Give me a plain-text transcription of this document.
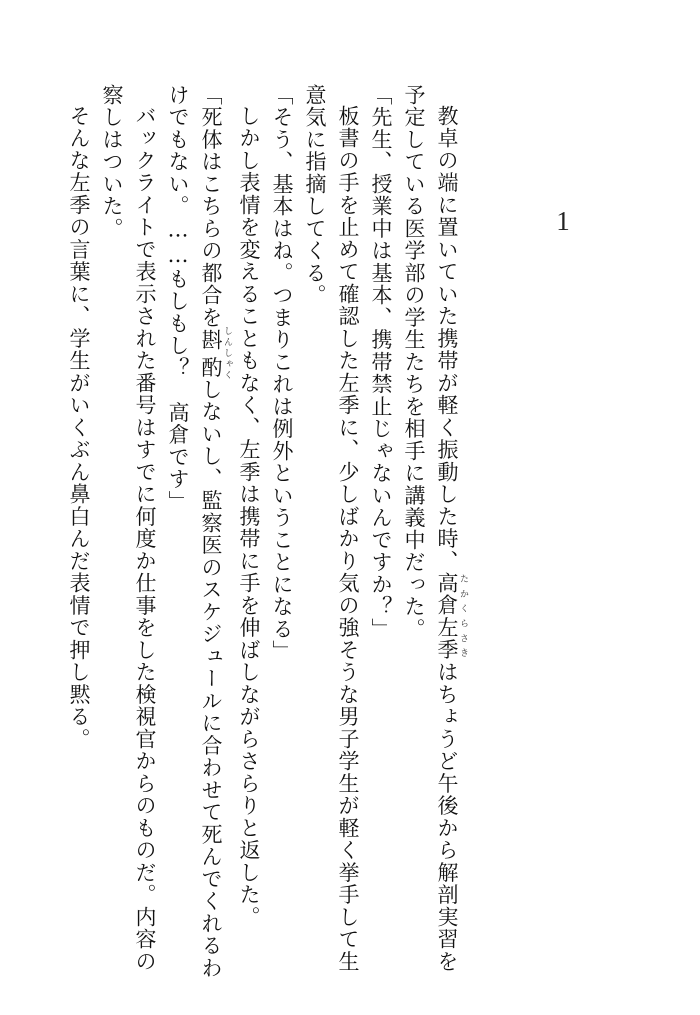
1

教卓の端に置いていた携帯が軽く振動した時、高倉左季 たかくらさきはちょうど午後から解剖実習を予定している医学部の学生たちを相手に講義中だった。

「先生、授業中は基本、携帯禁止じゃないんですか？」

板書の手を止めて確認した左季に、少しばかり気の強そうな男子学生が軽く挙手して生意気に指摘してくる。

「そう、基本はね。つまりこれは例外ということになる」

しかし表情を変えることもなく、左季は携帯に手を伸ばしながらさらりと返した。

「死体はこちらの都合を斟酌 しんしゃくしないし、監察医のスケジュールに合わせて死んでくれるわけでもない。……もしもし？　高倉です」

バックライトで表示された番号はすでに何度か仕事をした検視官からのものだ。内容の察しはついた。

そんな左季の言葉に、学生がいくぶん鼻白んだ表情で押し黙る。
